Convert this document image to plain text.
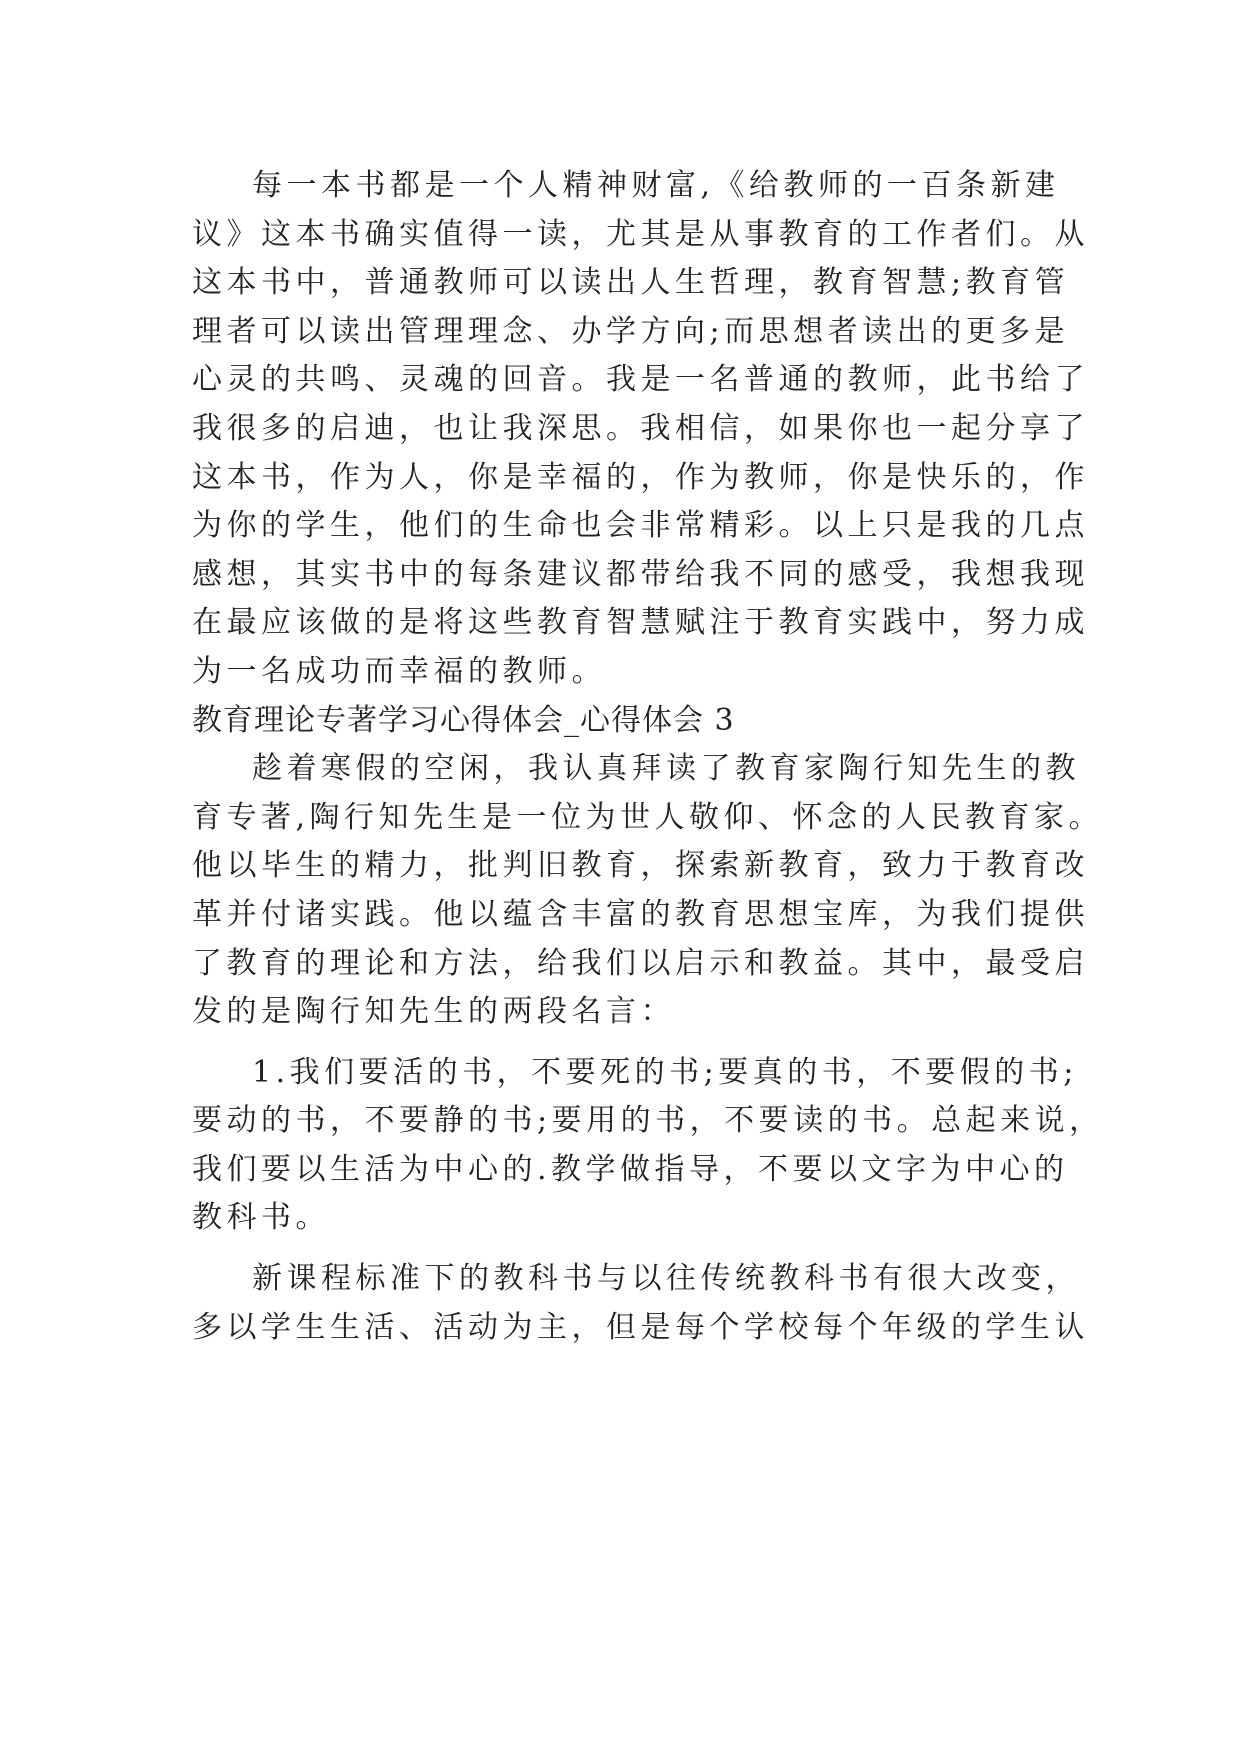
每一本书都是一个人精神财富,《给教师的一百条新建
议》这本书确实值得一读，尤其是从事教育的工作者们。从
这本书中，普通教师可以读出人生哲理，教育智慧;教育管
理者可以读出管理理念、办学方向;而思想者读出的更多是
心灵的共鸣、灵魂的回音。我是一名普通的教师，此书给了
我很多的启迪，也让我深思。我相信，如果你也一起分享了
这本书，作为人，你是幸福的，作为教师，你是快乐的，作
为你的学生，他们的生命也会非常精彩。以上只是我的几点
感想，其实书中的每条建议都带给我不同的感受，我想我现
在最应该做的是将这些教育智慧赋注于教育实践中，努力成
为一名成功而幸福的教师。
教育理论专著学习心得体会_心得体会 3
趁着寒假的空闲，我认真拜读了教育家陶行知先生的教
育专著,陶行知先生是一位为世人敬仰、怀念的人民教育家。
他以毕生的精力，批判旧教育，探索新教育，致力于教育改
革并付诸实践。他以蕴含丰富的教育思想宝库，为我们提供
了教育的理论和方法，给我们以启示和教益。其中，最受启
发的是陶行知先生的两段名言：
1.我们要活的书，不要死的书;要真的书，不要假的书;
要动的书，不要静的书;要用的书，不要读的书。总起来说，
我们要以生活为中心的.教学做指导，不要以文字为中心的
教科书。
新课程标准下的教科书与以往传统教科书有很大改变，
多以学生生活、活动为主，但是每个学校每个年级的学生认
